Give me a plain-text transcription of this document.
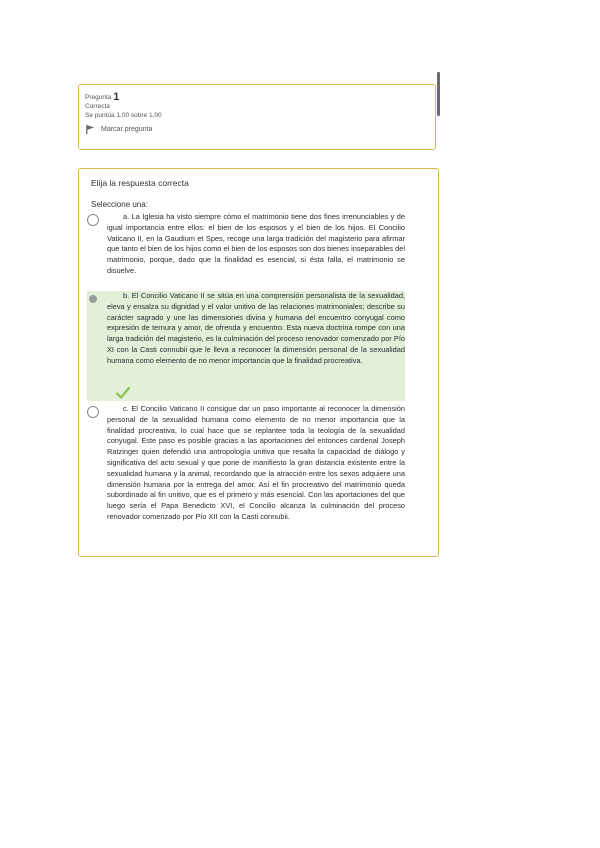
Pregunta 1
Correcta
Se puntúa 1,00 sobre 1,00
Marcar pregunta
Elija la respuesta correcta
Seleccione una:
a. La Iglesia ha visto siempre cómo el matrimonio tiene dos fines irrenunciables y de igual importancia entre ellos: el bien de los esposos y el bien de los hijos. El Concilio Vaticano II, en la Gaudium et Spes, recoge una larga tradición del magisterio para afirmar que tanto el bien de los hijos como el bien de los esposos son dos bienes inseparables del matrimonio, porque, dado que la finalidad es esencial, si ésta falla, el matrimonio se disuelve.
b. El Concilio Vaticano II se sitúa en una comprensión personalista de la sexualidad, eleva y ensalza su dignidad y el valor unitivo de las relaciones matrimoniales; describe su carácter sagrado y une las dimensiones divina y humana del encuentro conyugal como expresión de ternura y amor, de ofrenda y encuentro. Esta nueva doctrina rompe con una larga tradición del magisterio, es la culminación del proceso renovador comenzado por Pío XI con la Casti connubii que le lleva a reconocer la dimensión personal de la sexualidad humana como elemento de no menor importancia que la finalidad procreativa.
c. El Concilio Vaticano II consigue dar un paso importante al reconocer la dimensión personal de la sexualidad humana como elemento de no menor importancia que la finalidad procreativa, lo cual hace que se replantee toda la teología de la sexualidad conyugal. Este paso es posible gracias a las aportaciones del entonces cardenal Joseph Ratzinger quien defendió una antropología unitiva que resalta la capacidad de diálogo y significativa del acto sexual y que pone de manifiesto la gran distancia existente entre la sexualidad humana y la animal, recordando que la atracción entre los sexos adquiere una dimensión humana por la entrega del amor. Así el fin procreativo del matrimonio queda subordinado al fin unitivo, que es el primero y más esencial. Con las aportaciones del que luego sería el Papa Benedicto XVI, el Concilio alcanza la culminación del proceso renovador comenzado por Pío XII con la Casti connubii.
